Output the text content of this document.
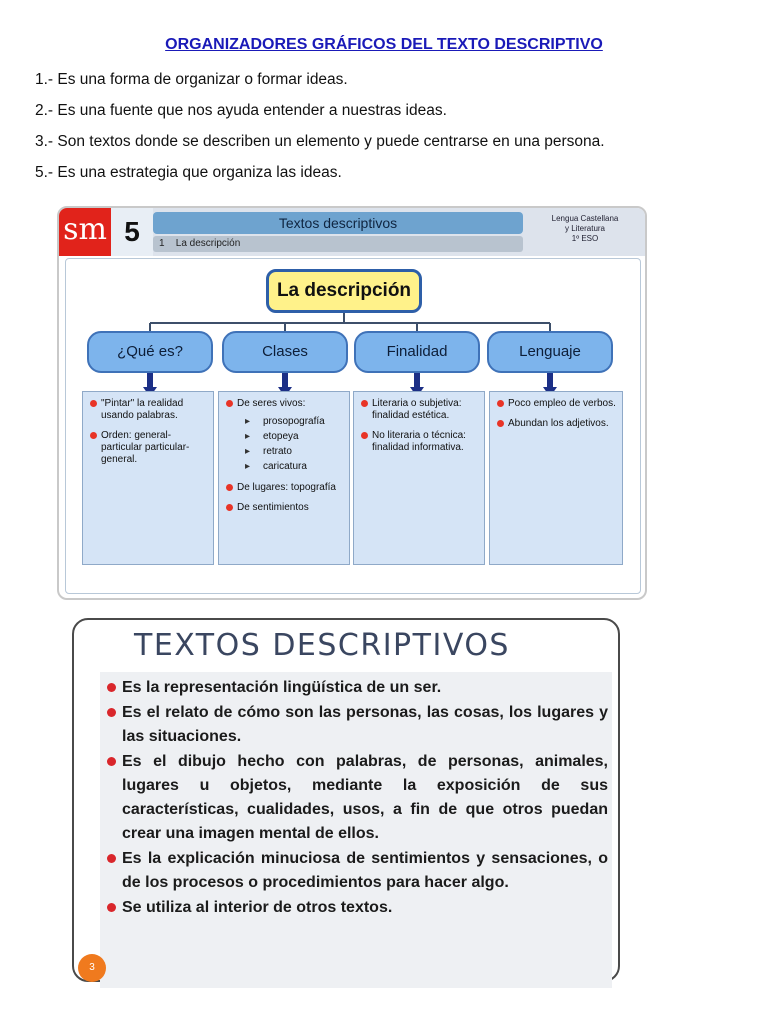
ORGANIZADORES GRÁFICOS DEL TEXTO DESCRIPTIVO
1.- Es una forma de organizar o formar ideas.
2.- Es una fuente que nos ayuda entender a nuestras ideas.
3.- Son textos donde se describen un elemento y puede centrarse en una persona.
5.- Es una estrategia que organiza las ideas.
sm 5	Textos descriptivos
1 La descripción
Lengua Castellana
y Literatura
1º ESO
La descripción
¿Qué es?	Clases	Finalidad	Lenguaje
"Pintar" la realidad usando palabras.
Orden: general-particular particular-general.
De seres vivos:
▸ prosopografía
▸ etopeya
▸ retrato
▸ caricatura
De lugares: topografía
De sentimientos
Literaria o subjetiva: finalidad estética.
No literaria o técnica: finalidad informativa.
Poco empleo de verbos.
Abundan los adjetivos.
TEXTOS DESCRIPTIVOS
Es la representación lingüística de un ser.
Es el relato de cómo son las personas, las cosas, los lugares y las situaciones.
Es el dibujo hecho con palabras, de personas, animales, lugares u objetos, mediante la exposición de sus características, cualidades, usos, a fin de que otros puedan crear una imagen mental de ellos.
Es la explicación minuciosa de sentimientos y sensaciones, o de los procesos o procedimientos para hacer algo.
Se utiliza al interior de otros textos.
3
